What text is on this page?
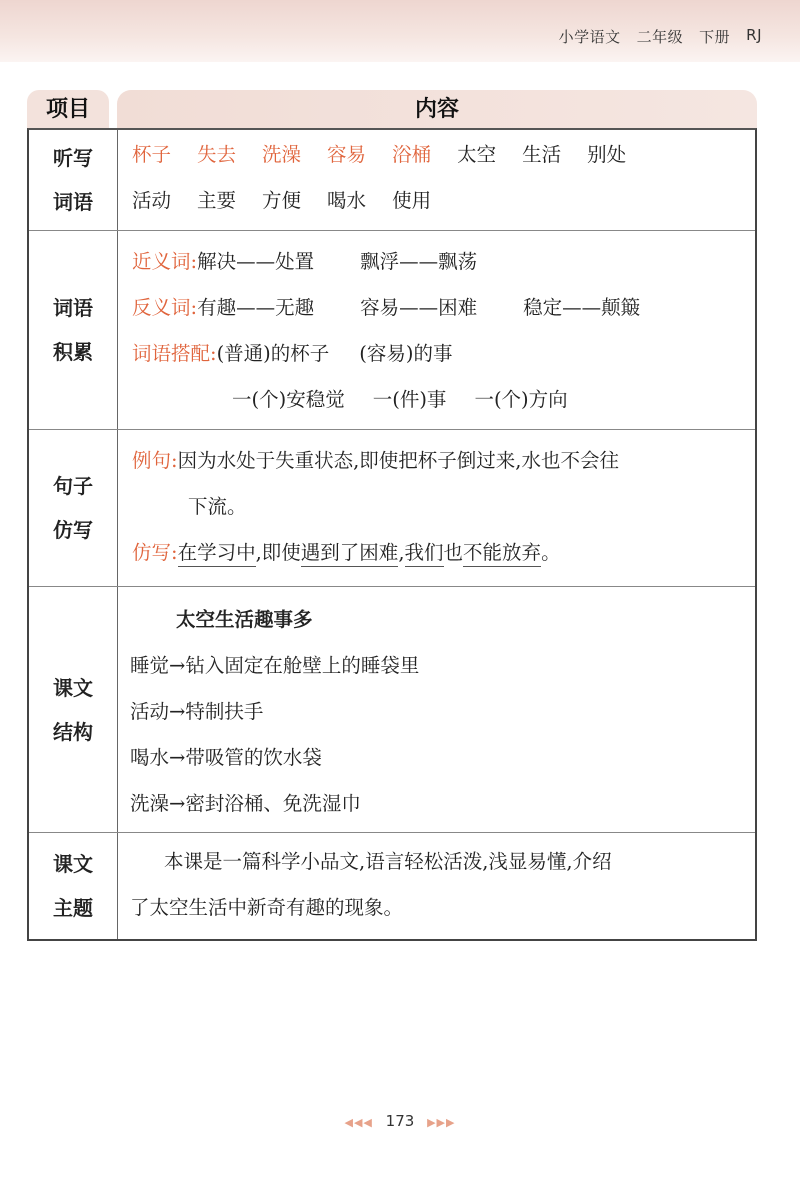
小学语文 二年级 下册 RJ
项目	内容
听写
词语
杯子 失去 洗澡 容易 浴桶 太空 生活 别处
活动 主要 方便 喝水 使用
词语
积累
近义词:解决——处置 飘浮——飘荡
反义词:有趣——无趣 容易——困难 稳定——颠簸
词语搭配:(普通)的杯子 (容易)的事
一(个)安稳觉 一(件)事 一(个)方向
句子
仿写
例句:因为水处于失重状态,即使把杯子倒过来,水也不会往
下流。
仿写:在学习中,即使遇到了困难,我们也不能放弃。
课文
结构
太空生活趣事多
睡觉→钻入固定在舱壁上的睡袋里
活动→特制扶手
喝水→带吸管的饮水袋
洗澡→密封浴桶、免洗湿巾
课文
主题
本课是一篇科学小品文,语言轻松活泼,浅显易懂,介绍
了太空生活中新奇有趣的现象。
◀◀◀ 173 ▶▶▶
